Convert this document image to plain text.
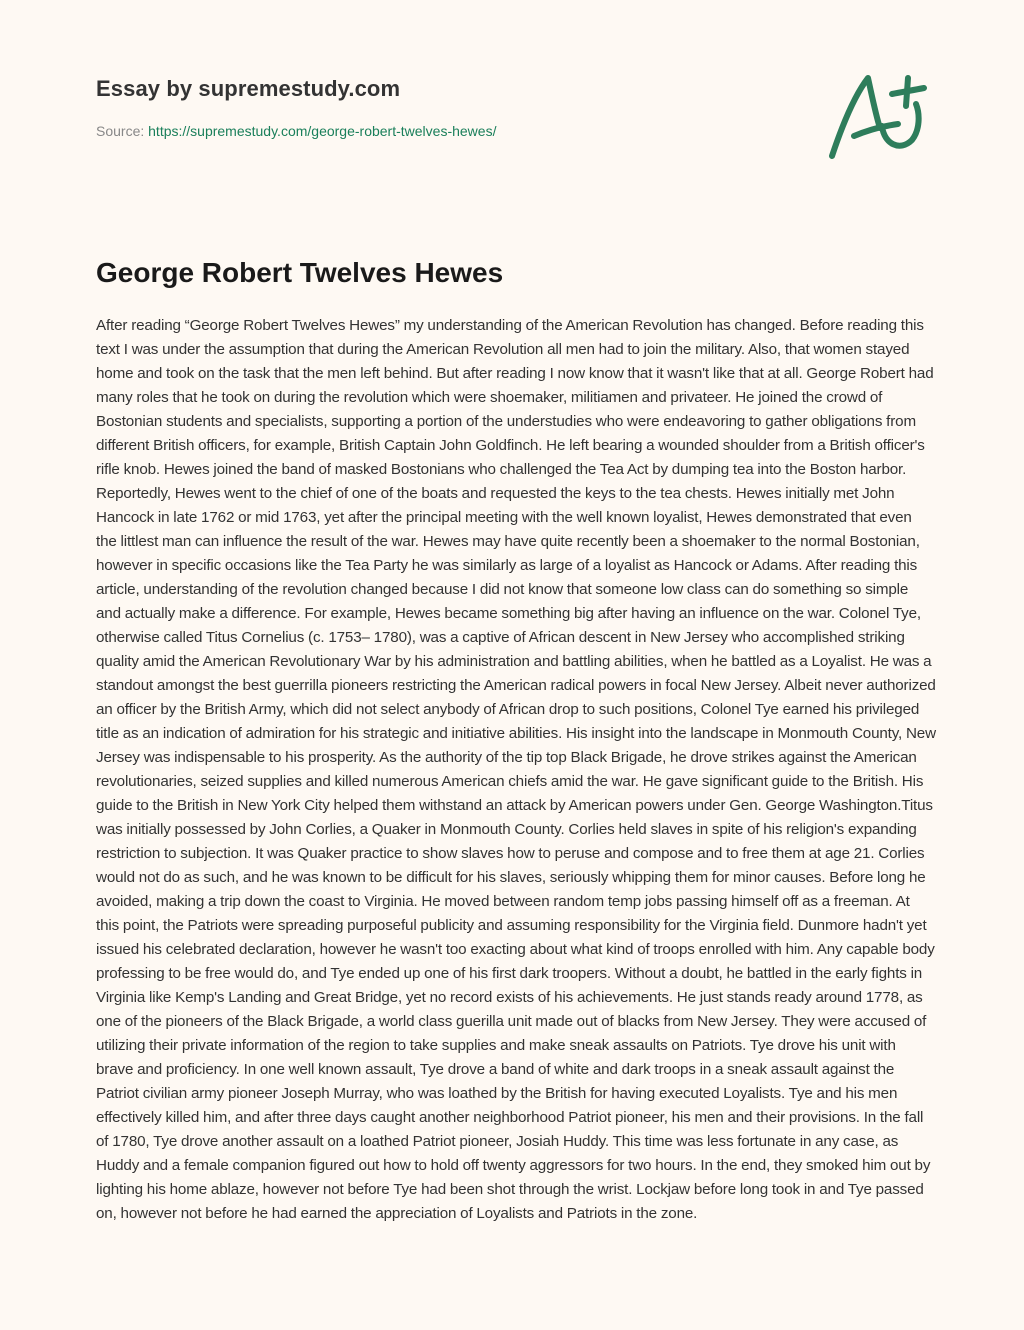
Essay by supremestudy.com
Source: https://supremestudy.com/george-robert-twelves-hewes/
George Robert Twelves Hewes

After reading “George Robert Twelves Hewes” my understanding of the American Revolution has changed. Before reading this text I was under the assumption that during the American Revolution all men had to join the military. Also, that women stayed home and took on the task that the men left behind. But after reading I now know that it wasn't like that at all. George Robert had many roles that he took on during the revolution which were shoemaker, militiamen and privateer. He joined the crowd of Bostonian students and specialists, supporting a portion of the understudies who were endeavoring to gather obligations from different British officers, for example, British Captain John Goldfinch. He left bearing a wounded shoulder from a British officer's rifle knob. Hewes joined the band of masked Bostonians who challenged the Tea Act by dumping tea into the Boston harbor. Reportedly, Hewes went to the chief of one of the boats and requested the keys to the tea chests. Hewes initially met John Hancock in late 1762 or mid 1763, yet after the principal meeting with the well known loyalist, Hewes demonstrated that even the littlest man can influence the result of the war. Hewes may have quite recently been a shoemaker to the normal Bostonian, however in specific occasions like the Tea Party he was similarly as large of a loyalist as Hancock or Adams. After reading this article, understanding of the revolution changed because I did not know that someone low class can do something so simple and actually make a difference. For example, Hewes became something big after having an influence on the war. Colonel Tye, otherwise called Titus Cornelius (c. 1753– 1780), was a captive of African descent in New Jersey who accomplished striking quality amid the American Revolutionary War by his administration and battling abilities, when he battled as a Loyalist. He was a standout amongst the best guerrilla pioneers restricting the American radical powers in focal New Jersey. Albeit never authorized an officer by the British Army, which did not select anybody of African drop to such positions, Colonel Tye earned his privileged title as an indication of admiration for his strategic and initiative abilities. His insight into the landscape in Monmouth County, New Jersey was indispensable to his prosperity. As the authority of the tip top Black Brigade, he drove strikes against the American revolutionaries, seized supplies and killed numerous American chiefs amid the war. He gave significant guide to the British. His guide to the British in New York City helped them withstand an attack by American powers under Gen. George Washington.Titus was initially possessed by John Corlies, a Quaker in Monmouth County. Corlies held slaves in spite of his religion's expanding restriction to subjection. It was Quaker practice to show slaves how to peruse and compose and to free them at age 21. Corlies would not do as such, and he was known to be difficult for his slaves, seriously whipping them for minor causes. Before long he avoided, making a trip down the coast to Virginia. He moved between random temp jobs passing himself off as a freeman. At this point, the Patriots were spreading purposeful publicity and assuming responsibility for the Virginia field. Dunmore hadn't yet issued his celebrated declaration, however he wasn't too exacting about what kind of troops enrolled with him. Any capable body professing to be free would do, and Tye ended up one of his first dark troopers. Without a doubt, he battled in the early fights in Virginia like Kemp's Landing and Great Bridge, yet no record exists of his achievements. He just stands ready around 1778, as one of the pioneers of the Black Brigade, a world class guerilla unit made out of blacks from New Jersey. They were accused of utilizing their private information of the region to take supplies and make sneak assaults on Patriots. Tye drove his unit with brave and proficiency. In one well known assault, Tye drove a band of white and dark troops in a sneak assault against the Patriot civilian army pioneer Joseph Murray, who was loathed by the British for having executed Loyalists. Tye and his men effectively killed him, and after three days caught another neighborhood Patriot pioneer, his men and their provisions. In the fall of 1780, Tye drove another assault on a loathed Patriot pioneer, Josiah Huddy. This time was less fortunate in any case, as Huddy and a female companion figured out how to hold off twenty aggressors for two hours. In the end, they smoked him out by lighting his home ablaze, however not before Tye had been shot through the wrist. Lockjaw before long took in and Tye passed on, however not before he had earned the appreciation of Loyalists and Patriots in the zone.
